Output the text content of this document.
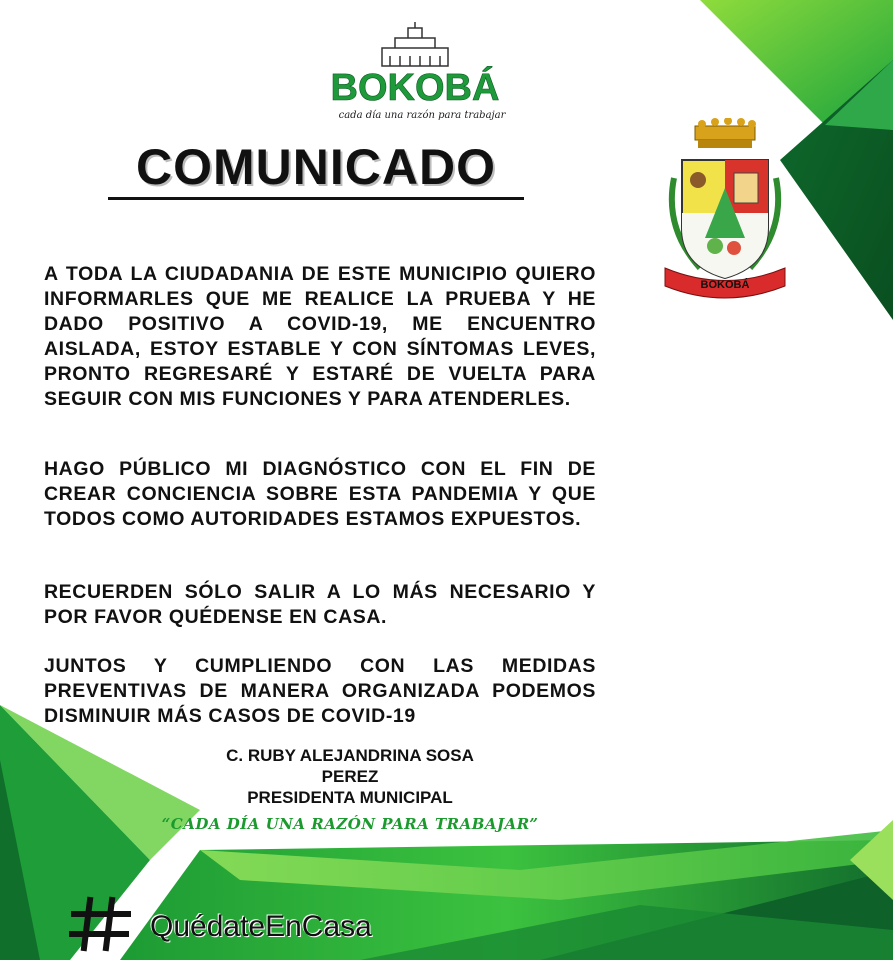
BOKOBÁ
cada día una razón para trabajar
COMUNICADO
BOKOBÁ

A TODA LA CIUDADANIA DE ESTE MUNICIPIO QUIERO INFORMARLES QUE ME REALICE LA PRUEBA Y HE DADO POSITIVO A COVID-19, ME ENCUENTRO AISLADA, ESTOY ESTABLE Y CON SÍNTOMAS LEVES, PRONTO REGRESARÉ Y ESTARÉ DE VUELTA PARA SEGUIR CON MIS FUNCIONES Y PARA ATENDERLES.

HAGO PÚBLICO MI DIAGNÓSTICO CON EL FIN DE CREAR CONCIENCIA SOBRE ESTA PANDEMIA Y QUE TODOS COMO AUTORIDADES ESTAMOS EXPUESTOS.

RECUERDEN SÓLO SALIR A LO MÁS NECESARIO Y POR FAVOR QUÉDENSE EN CASA.

JUNTOS Y CUMPLIENDO CON LAS MEDIDAS PREVENTIVAS DE MANERA ORGANIZADA PODEMOS DISMINUIR MÁS CASOS DE COVID-19

C. RUBY ALEJANDRINA SOSA
PEREZ
PRESIDENTA MUNICIPAL
“CADA DÍA UNA RAZÓN PARA TRABAJAR”
QuédateEnCasa
